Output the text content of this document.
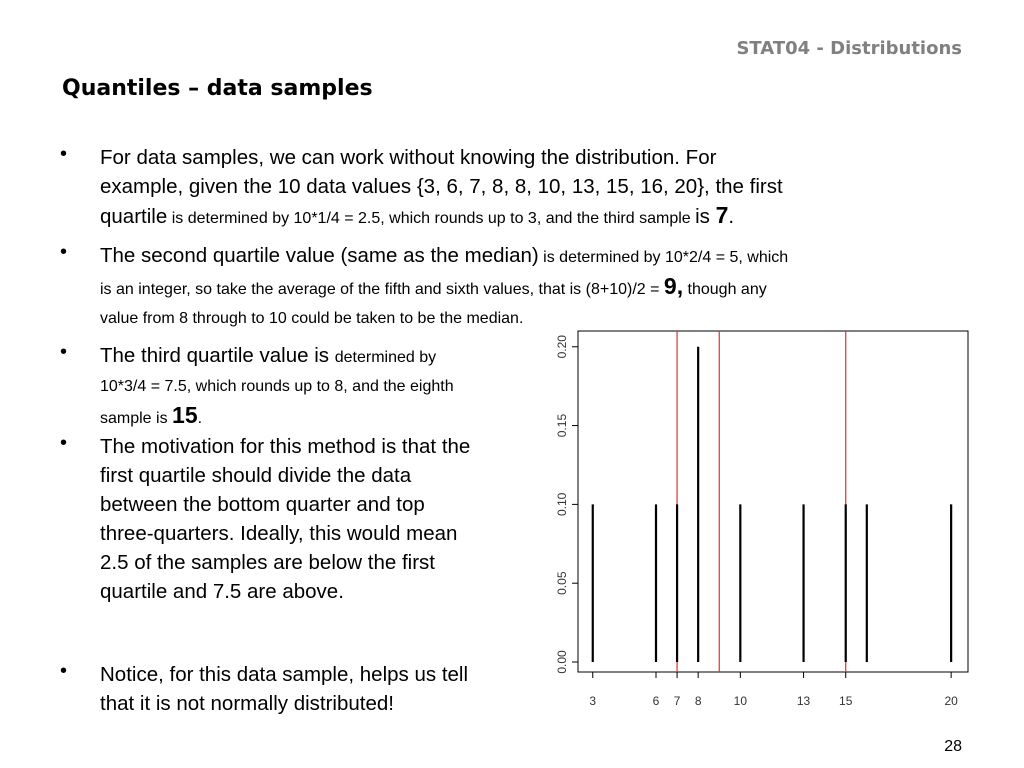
STAT04 - Distributions
Quantiles – data samples
• For data samples, we can work without knowing the distribution. For
example, given the 10 data values {3, 6, 7, 8, 8, 10, 13, 15, 16, 20}, the first
quartile is determined by 10*1/4 = 2.5, which rounds up to 3, and the third sample is 7.
• The second quartile value (same as the median) is determined by 10*2/4 = 5, which
is an integer, so take the average of the fifth and sixth values, that is (8+10)/2 = 9, though any
value from 8 through to 10 could be taken to be the median.
• The third quartile value is determined by
10*3/4 = 7.5, which rounds up to 8, and the eighth
sample is 15.
• The motivation for this method is that the
first quartile should divide the data
between the bottom quarter and top
three-quarters. Ideally, this would mean
2.5 of the samples are below the first
quartile and 7.5 are above.
• Notice, for this data sample, helps us tell
that it is not normally distributed!
0.00
0.05
0.10
0.15
0.20
3	6 7 8	10	13 15	20
28
